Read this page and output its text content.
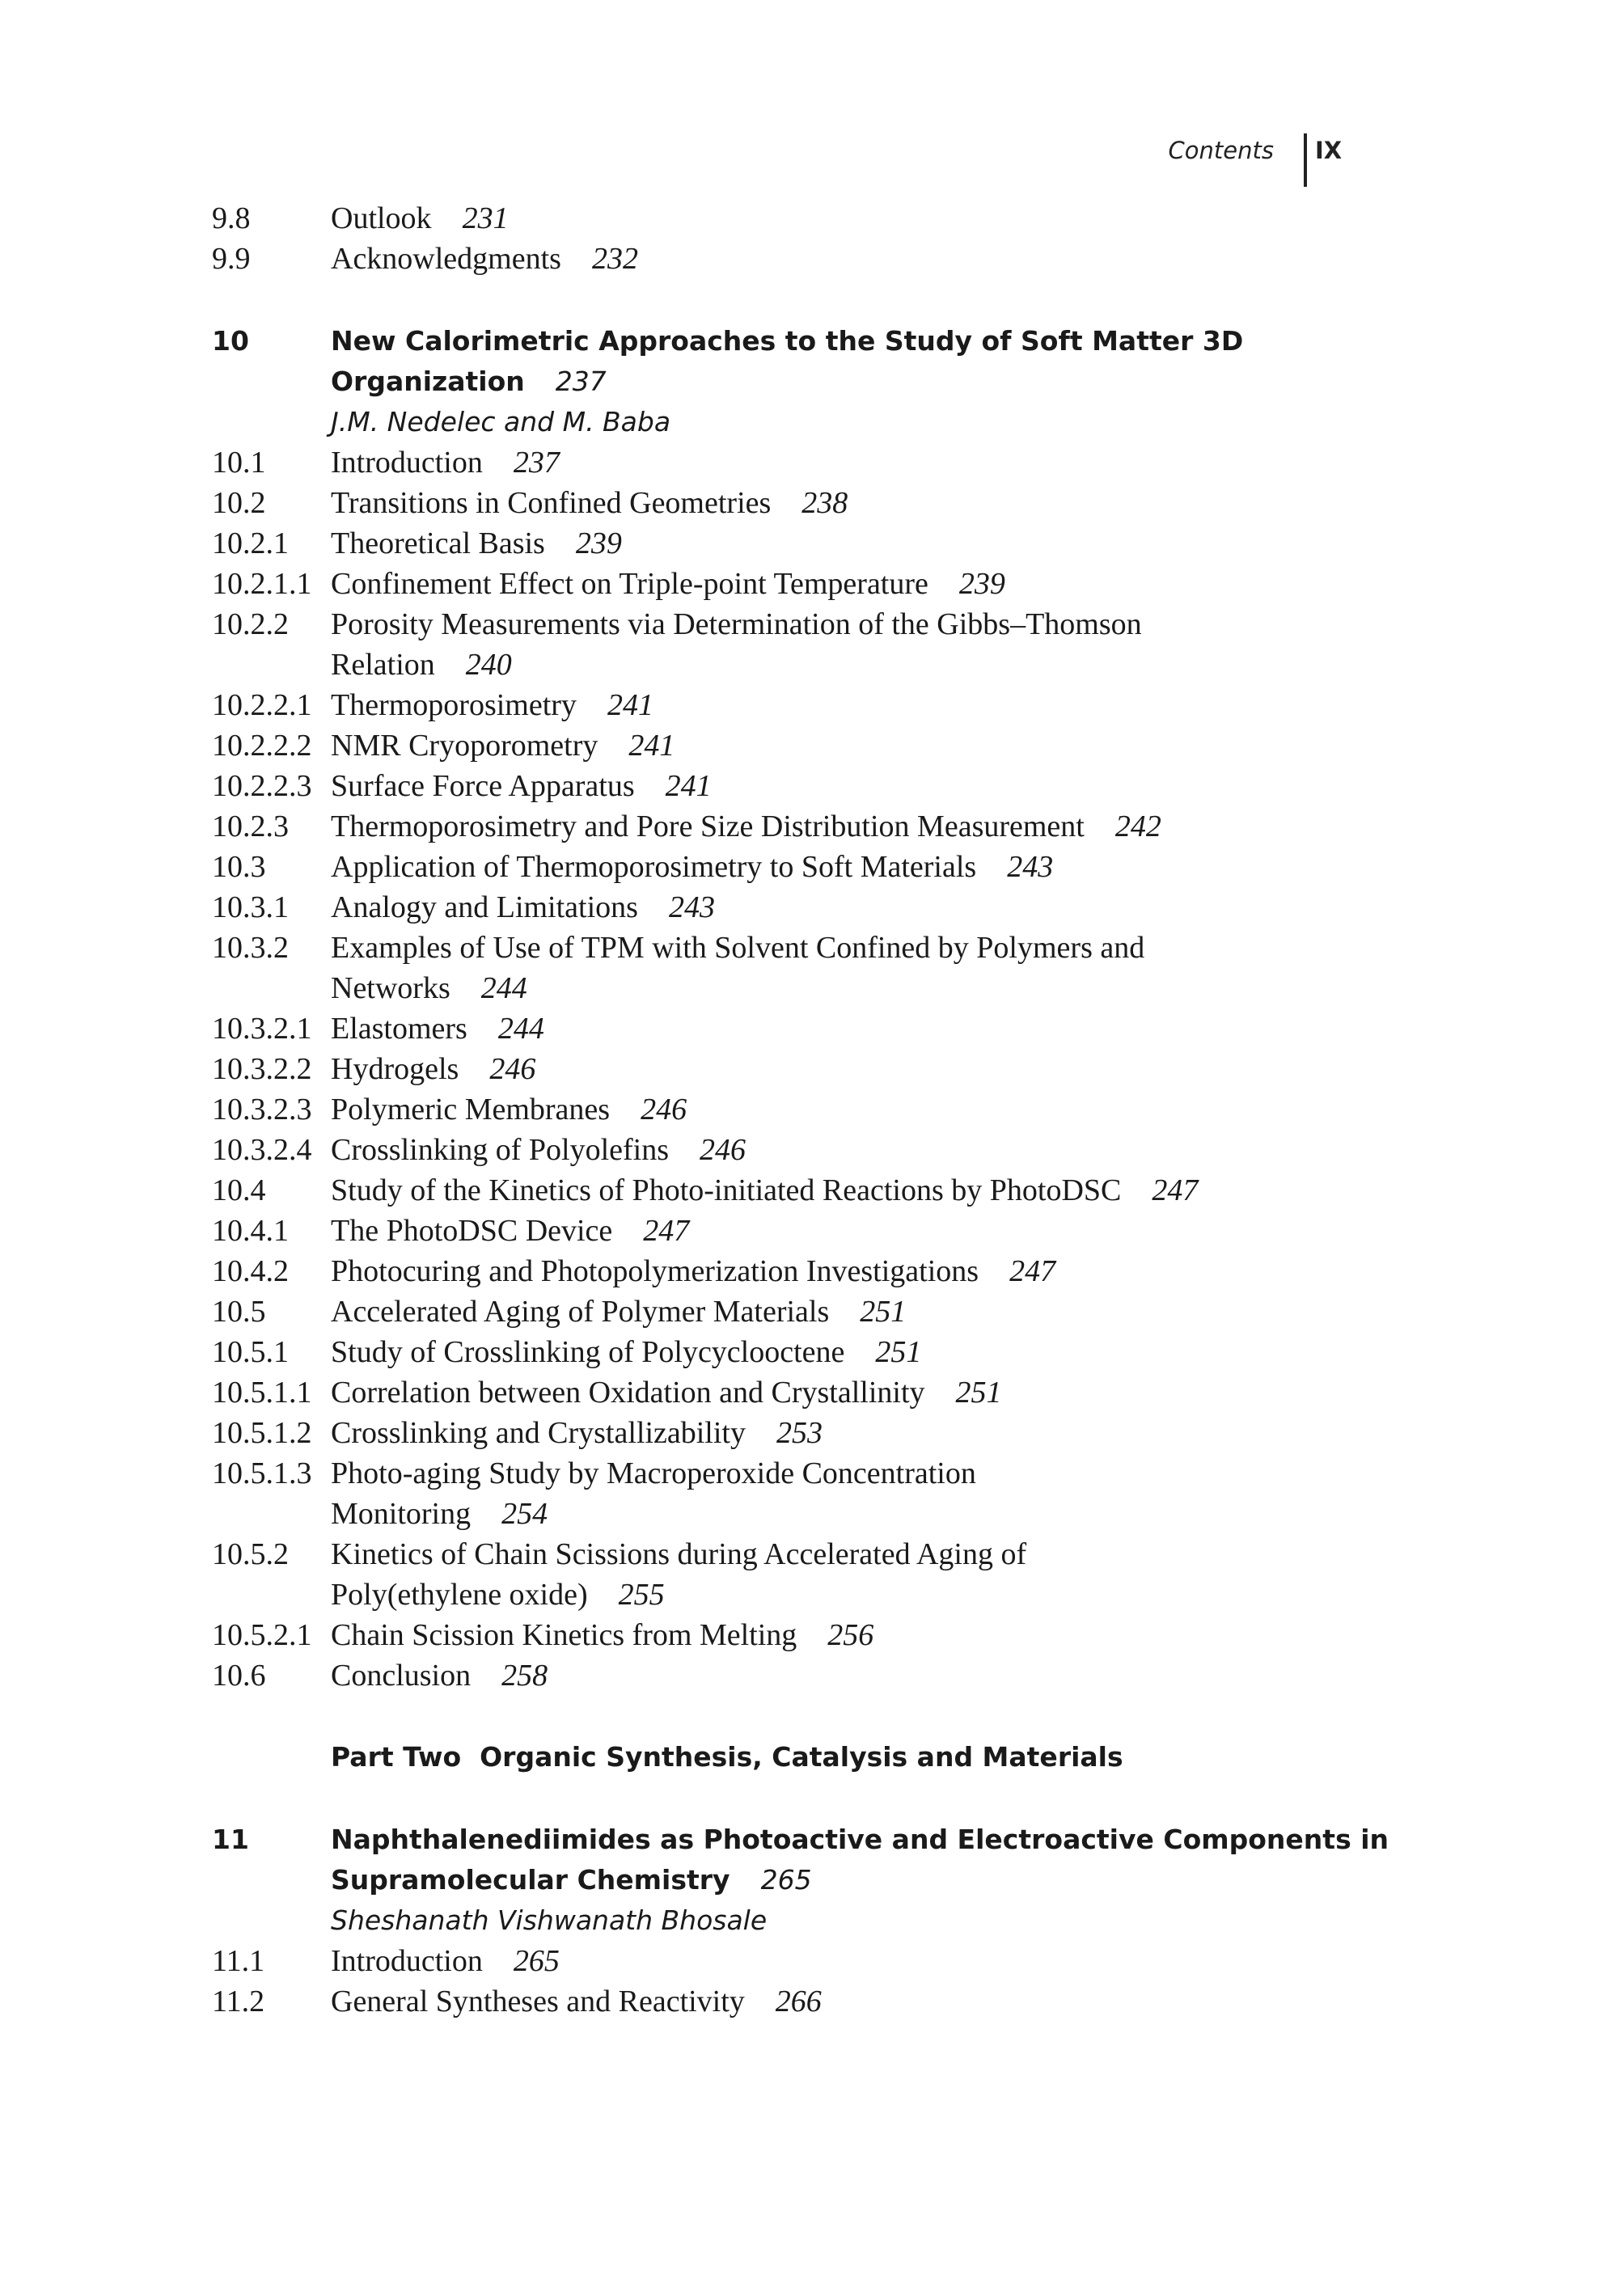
Contents IX
9.8	Outlook 231
9.9	Acknowledgments 232
10	New Calorimetric Approaches to the Study of Soft Matter 3D
Organization 237
J.M. Nedelec and M. Baba
10.1 Introduction 237
10.2 Transitions in Confined Geometries 238
10.2.1 Theoretical Basis 239
10.2.1.1 Confinement Effect on Triple-point Temperature 239
10.2.2 Porosity Measurements via Determination of the Gibbs–Thomson
Relation 240
10.2.2.1 Thermoporosimetry 241
10.2.2.2 NMR Cryoporometry 241
10.2.2.3 Surface Force Apparatus 241
10.2.3 Thermoporosimetry and Pore Size Distribution Measurement 242
10.3 Application of Thermoporosimetry to Soft Materials 243
10.3.1 Analogy and Limitations 243
10.3.2 Examples of Use of TPM with Solvent Confined by Polymers and
Networks 244
10.3.2.1 Elastomers 244
10.3.2.2 Hydrogels 246
10.3.2.3 Polymeric Membranes 246
10.3.2.4 Crosslinking of Polyolefins 246
10.4 Study of the Kinetics of Photo-initiated Reactions by PhotoDSC 247
10.4.1 The PhotoDSC Device 247
10.4.2 Photocuring and Photopolymerization Investigations 247
10.5 Accelerated Aging of Polymer Materials 251
10.5.1 Study of Crosslinking of Polycyclooctene 251
10.5.1.1 Correlation between Oxidation and Crystallinity 251
10.5.1.2 Crosslinking and Crystallizability 253
10.5.1.3 Photo-aging Study by Macroperoxide Concentration
Monitoring 254
10.5.2 Kinetics of Chain Scissions during Accelerated Aging of
Poly(ethylene oxide) 255
10.5.2.1 Chain Scission Kinetics from Melting 256
10.6 Conclusion 258
Part Two  Organic Synthesis, Catalysis and Materials
11	Naphthalenediimides as Photoactive and Electroactive Components in
Supramolecular Chemistry 265
Sheshanath Vishwanath Bhosale
11.1 Introduction 265
11.2 General Syntheses and Reactivity 266
